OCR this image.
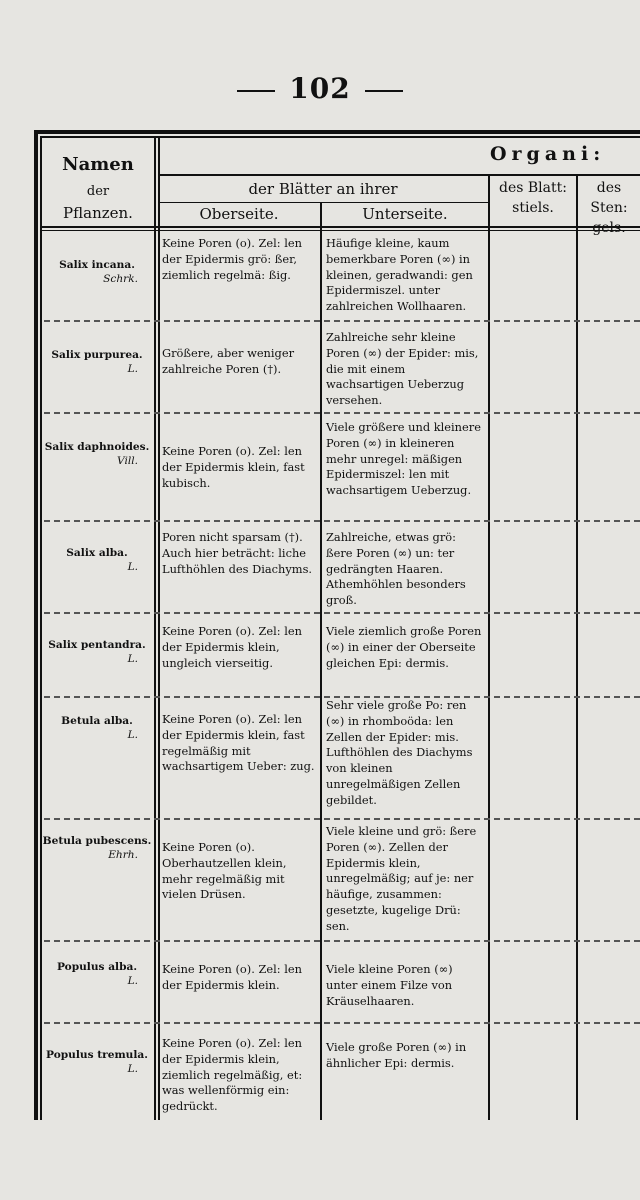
102
Namen
der
Pflanzen.
Organi:
der Blätter an ihrer
Oberseite.	Unterseite.
des Blatt:
stiels.
des Sten:
gels.
Salix incana.
Schrk.
Keine Poren (o). Zel: len der Epidermis grö: ßer, ziemlich regelmä: ßig.
Häufige kleine, kaum bemerkbare Poren (∞) in kleinen, geradwandi: gen Epidermiszel. unter zahlreichen Wollhaaren.
Salix purpurea.
L.
Größere, aber weniger zahlreiche Poren (†).
Zahlreiche sehr kleine Poren (∞) der Epider: mis, die mit einem wachsartigen Ueberzug versehen.
Salix daphnoides.
Vill.
Keine Poren (o). Zel: len der Epidermis klein, fast kubisch.
Viele größere und kleinere Poren (∞) in kleineren mehr unregel: mäßigen Epidermiszel: len mit wachsartigem Ueberzug.
Salix alba.
L.
Poren nicht sparsam (†). Auch hier beträcht: liche Lufthöhlen des Diachyms.
Zahlreiche, etwas grö: ßere Poren (∞) un: ter gedrängten Haaren. Athemhöhlen besonders groß.
Salix pentandra.
L.
Keine Poren (o). Zel: len der Epidermis klein, ungleich vierseitig.
Viele ziemlich große Poren (∞) in einer der Oberseite gleichen Epi: dermis.
Betula alba.
L.
Keine Poren (o). Zel: len der Epidermis klein, fast regelmäßig mit wachsartigem Ueber: zug.
Sehr viele große Po: ren (∞) in rhomboöda: len Zellen der Epider: mis. Lufthöhlen des Diachyms von kleinen unregelmäßigen Zellen gebildet.
Betula pubescens.
Ehrh.
Keine Poren (o). Oberhautzellen klein, mehr regelmäßig mit vielen Drüsen.
Viele kleine und grö: ßere Poren (∞). Zellen der Epidermis klein, unregelmäßig; auf je: ner häufige, zusammen: gesetzte, kugelige Drü: sen.
Populus alba.
L.
Keine Poren (o). Zel: len der Epidermis klein.
Viele kleine Poren (∞) unter einem Filze von Kräuselhaaren.
Populus tremula.
L.
Keine Poren (o). Zel: len der Epidermis klein, ziemlich regelmäßig, et: was wellenförmig ein: gedrückt.
Viele große Poren (∞) in ähnlicher Epi: dermis.
